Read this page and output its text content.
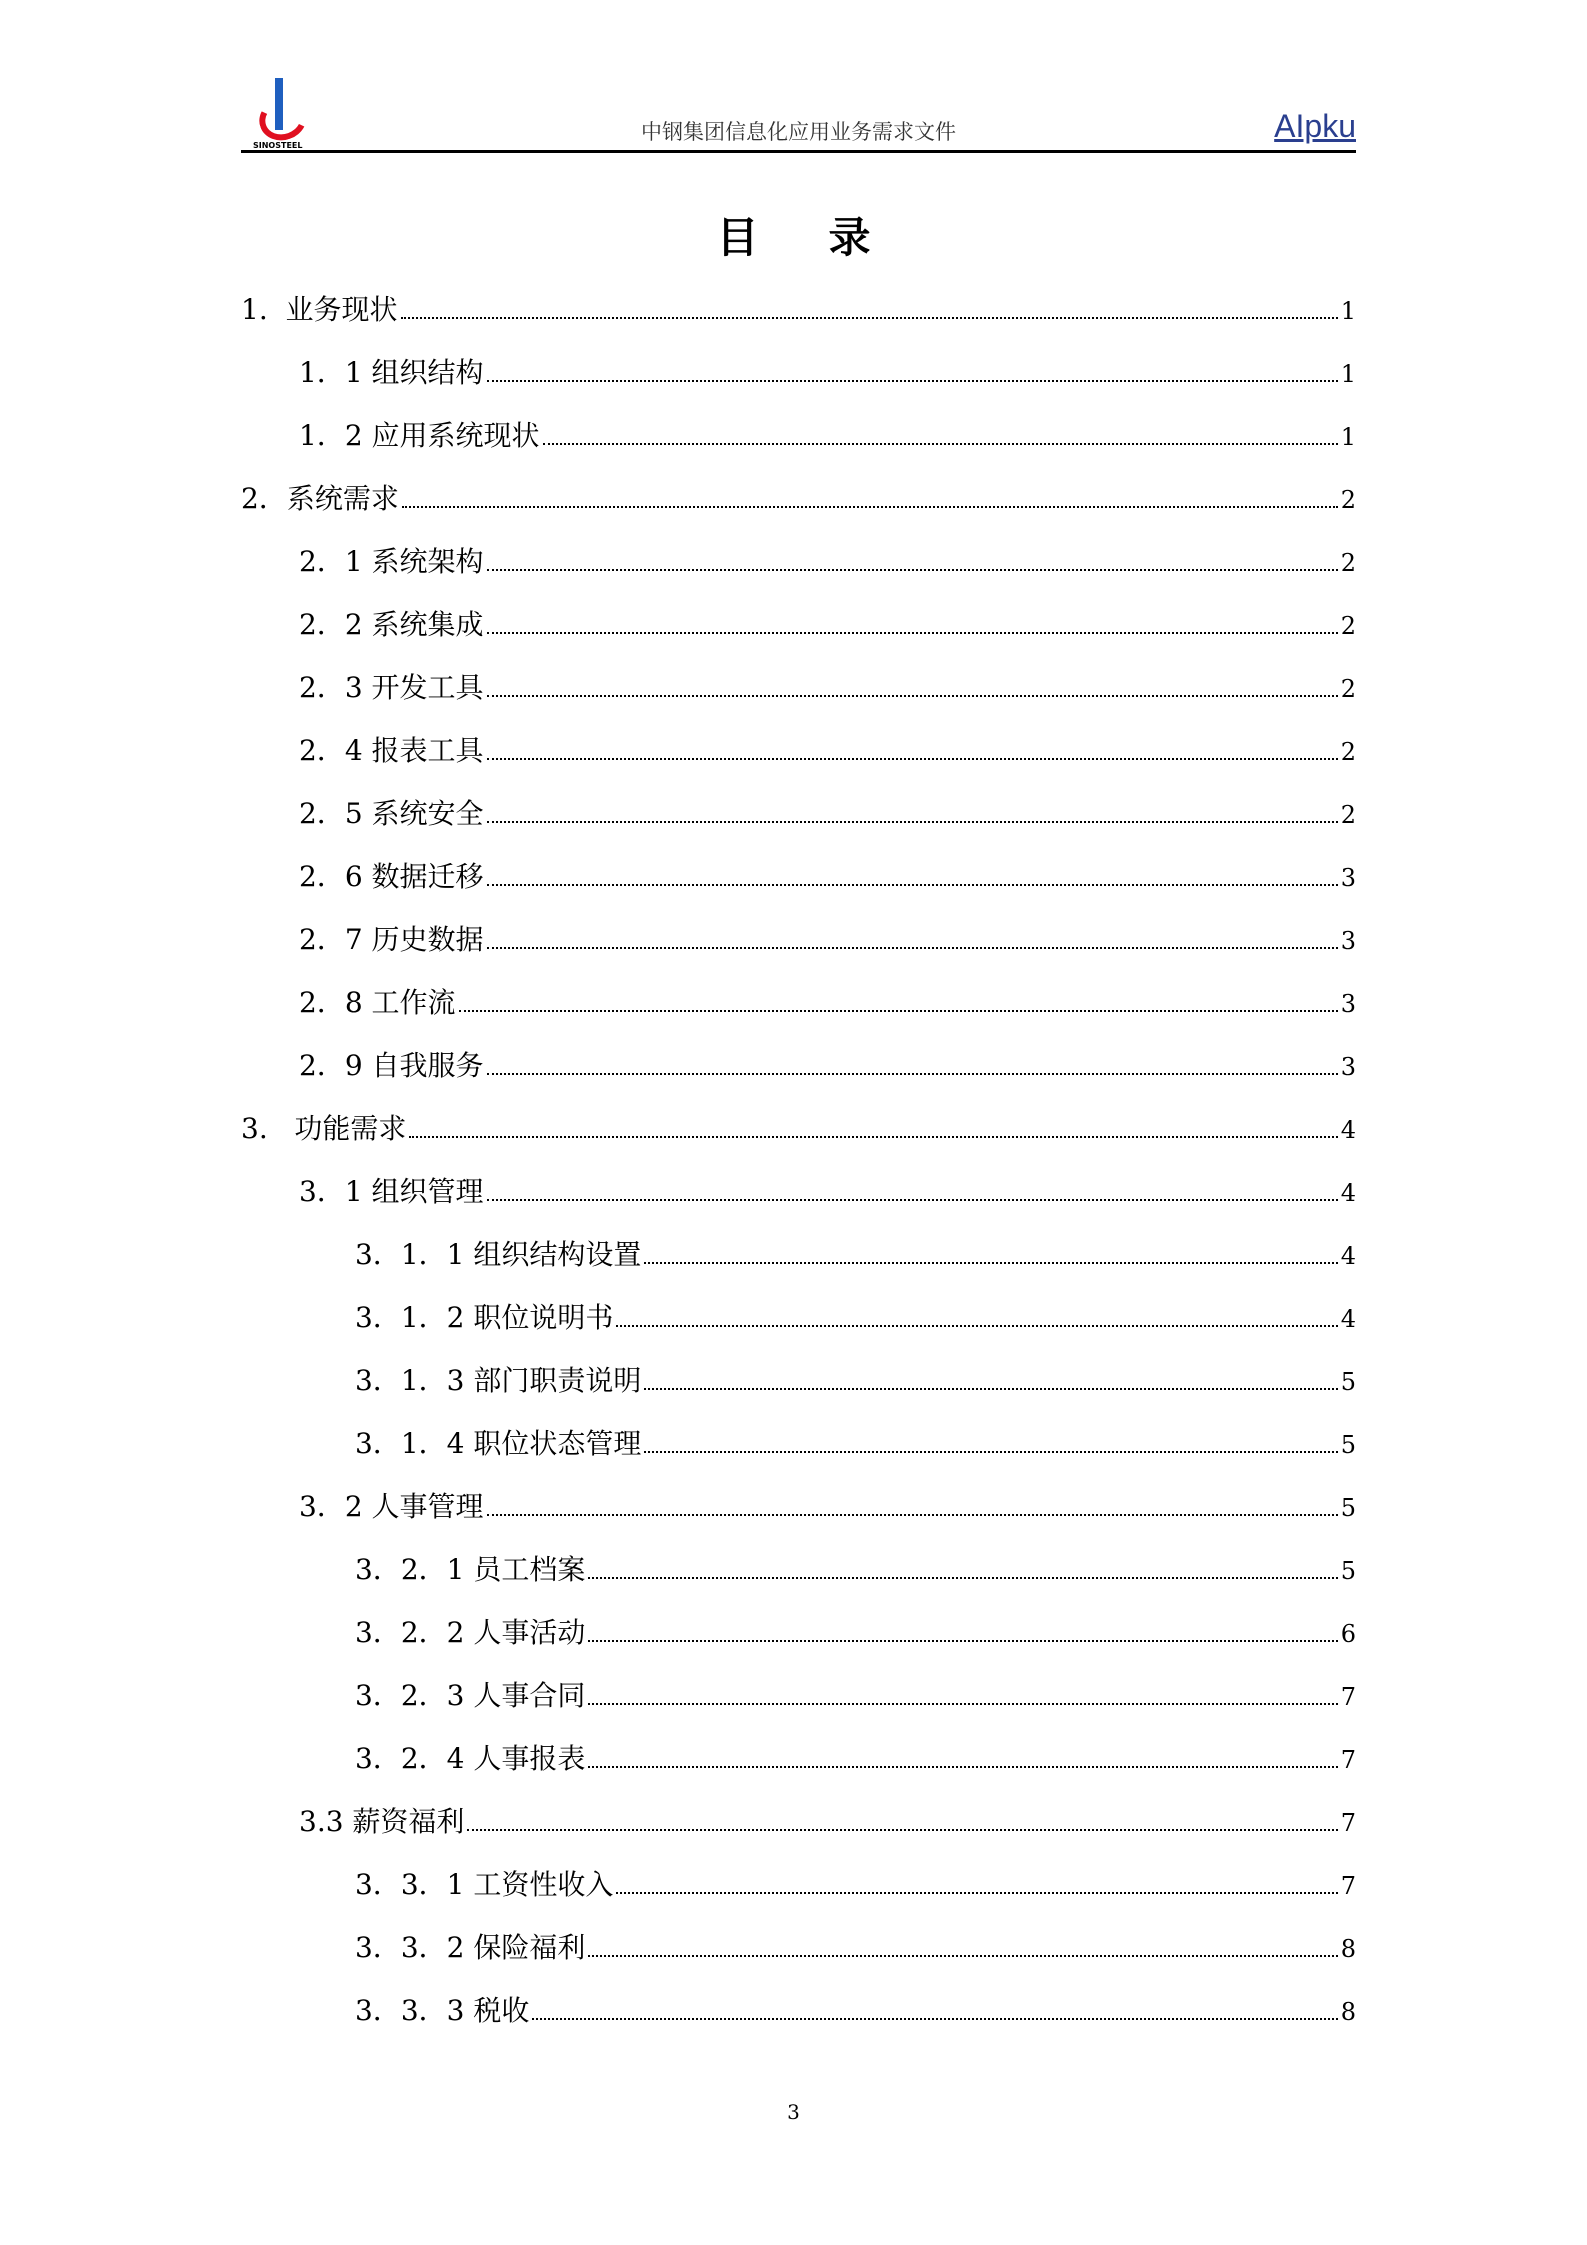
SINOSTEEL
中钢集团信息化应用业务需求文件	AIpku
目录
1.  业务现状	1
1．1 组织结构	1
1．2 应用系统现状	1
2．系统需求	2
2．1 系统架构	2
2．2 系统集成	2
2．3 开发工具	2
2．4 报表工具	2
2．5 系统安全	2
2．6 数据迁移	3
2．7 历史数据	3
2．8 工作流	3
2．9 自我服务	3
3.   功能需求	4
3．1 组织管理	4
3．1．1 组织结构设置	4
3．1．2 职位说明书	4
3．1．3 部门职责说明	5
3．1．4 职位状态管理	5
3．2 人事管理	5
3．2．1 员工档案	5
3．2．2 人事活动	6
3．2．3 人事合同	7
3．2．4 人事报表	7
3.3 薪资福利	7
3．3．1 工资性收入	7
3．3．2 保险福利	8
3．3．3 税收	8
3
